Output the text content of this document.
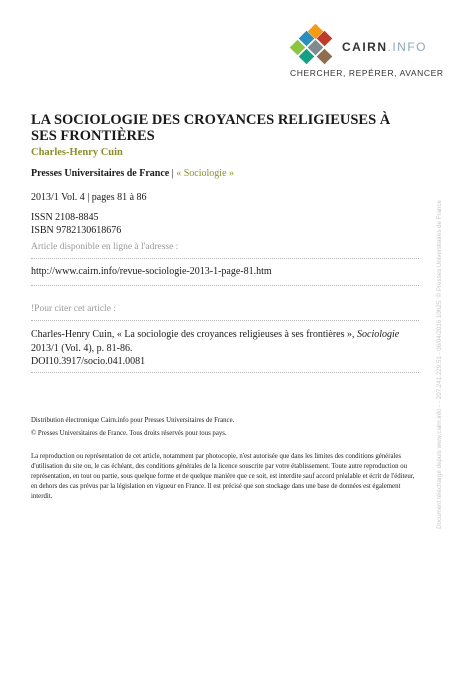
CAIRN.INFO
CHERCHER, REPÉRER, AVANCER
LA SOCIOLOGIE DES CROYANCES RELIGIEUSES À SES FRONTIÈRES
Charles-Henry Cuin
Presses Universitaires de France | « Sociologie »
2013/1 Vol. 4 | pages 81 à 86
ISSN 2108-8845
ISBN 9782130618676
Article disponible en ligne à l'adresse :
http://www.cairn.info/revue-sociologie-2013-1-page-81.htm
!Pour citer cet article :
Charles-Henry Cuin, « La sociologie des croyances religieuses à ses frontières », Sociologie 2013/1 (Vol. 4), p. 81-86.
DOI10.3917/socio.041.0081
Distribution électronique Cairn.info pour Presses Universitaires de France.
© Presses Universitaires de France. Tous droits réservés pour tous pays.
La reproduction ou représentation de cet article, notamment par photocopie, n'est autorisée que dans les limites des conditions générales d'utilisation du site ou, le cas échéant, des conditions générales de la licence souscrite par votre établissement. Toute autre reproduction ou représentation, en tout ou partie, sous quelque forme et de quelque manière que ce soit, est interdite sauf accord préalable et écrit de l'éditeur, en dehors des cas prévus par la législation en vigueur en France. Il est précisé que son stockage dans une base de données est également interdit.	Document téléchargé depuis www.cairn.info - - 207.241.229.51 - 06/04/2016 10h25. © Presses Universitaires de France
